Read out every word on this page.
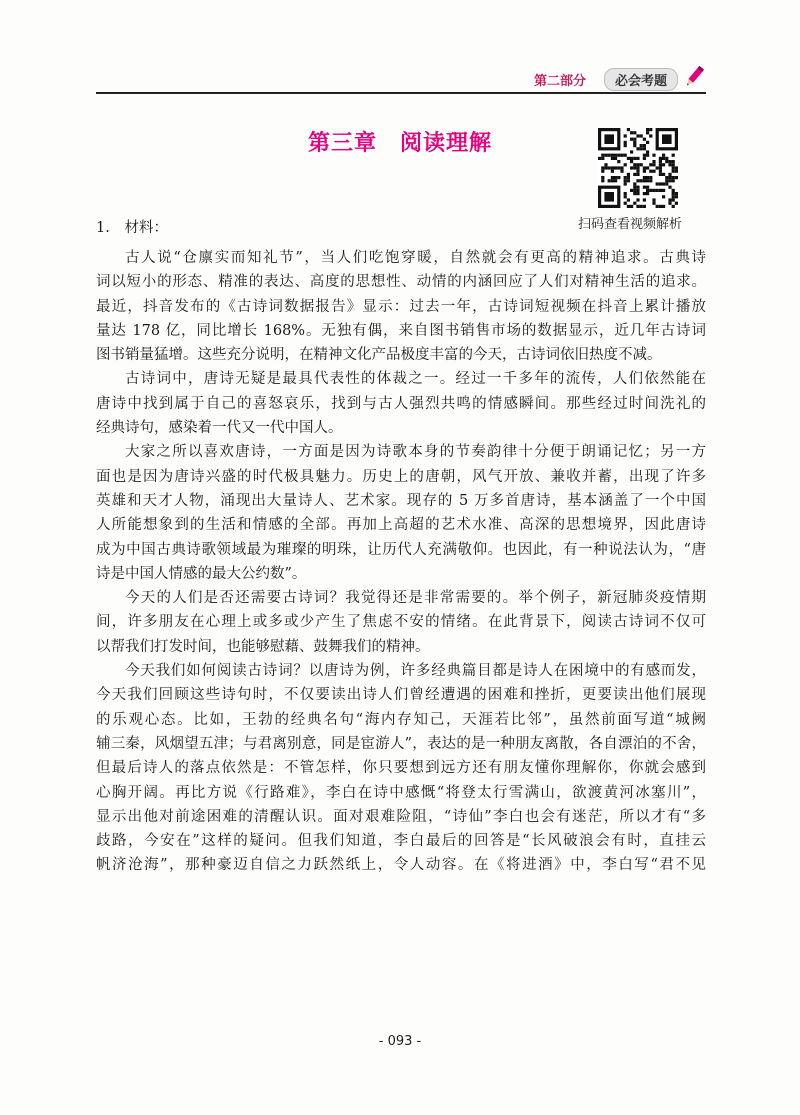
第二部分	必会考题
第三章　阅读理解
扫码查看视频解析
1. 材料：
古人说“仓廪实而知礼节”，当人们吃饱穿暖，自然就会有更高的精神追求。古典诗
词以短小的形态、精准的表达、高度的思想性、动情的内涵回应了人们对精神生活的追求。
最近，抖音发布的《古诗词数据报告》显示：过去一年，古诗词短视频在抖音上累计播放
量达 178 亿，同比增长 168%。无独有偶，来自图书销售市场的数据显示，近几年古诗词
图书销量猛增。这些充分说明，在精神文化产品极度丰富的今天，古诗词依旧热度不减。
古诗词中，唐诗无疑是最具代表性的体裁之一。经过一千多年的流传，人们依然能在
唐诗中找到属于自己的喜怒哀乐，找到与古人强烈共鸣的情感瞬间。那些经过时间洗礼的
经典诗句，感染着一代又一代中国人。
大家之所以喜欢唐诗，一方面是因为诗歌本身的节奏韵律十分便于朗诵记忆；另一方
面也是因为唐诗兴盛的时代极具魅力。历史上的唐朝，风气开放、兼收并蓄，出现了许多
英雄和天才人物，涌现出大量诗人、艺术家。现存的 5 万多首唐诗，基本涵盖了一个中国
人所能想象到的生活和情感的全部。再加上高超的艺术水准、高深的思想境界，因此唐诗
成为中国古典诗歌领域最为璀璨的明珠，让历代人充满敬仰。也因此，有一种说法认为，“唐
诗是中国人情感的最大公约数”。
今天的人们是否还需要古诗词？我觉得还是非常需要的。举个例子，新冠肺炎疫情期
间，许多朋友在心理上或多或少产生了焦虑不安的情绪。在此背景下，阅读古诗词不仅可
以帮我们打发时间，也能够慰藉、鼓舞我们的精神。
今天我们如何阅读古诗词？以唐诗为例，许多经典篇目都是诗人在困境中的有感而发，
今天我们回顾这些诗句时，不仅要读出诗人们曾经遭遇的困难和挫折，更要读出他们展现
的乐观心态。比如，王勃的经典名句“海内存知己，天涯若比邻”，虽然前面写道“城阙
辅三秦，风烟望五津；与君离别意，同是宦游人”，表达的是一种朋友离散，各自漂泊的不舍，
但最后诗人的落点依然是：不管怎样，你只要想到远方还有朋友懂你理解你，你就会感到
心胸开阔。再比方说《行路难》，李白在诗中感慨“将登太行雪满山，欲渡黄河冰塞川”，
显示出他对前途困难的清醒认识。面对艰难险阻，“诗仙”李白也会有迷茫，所以才有“多
歧路，今安在”这样的疑问。但我们知道，李白最后的回答是“长风破浪会有时，直挂云
帆济沧海”，那种豪迈自信之力跃然纸上，令人动容。在《将进酒》中，李白写“君不见
- 093 -
